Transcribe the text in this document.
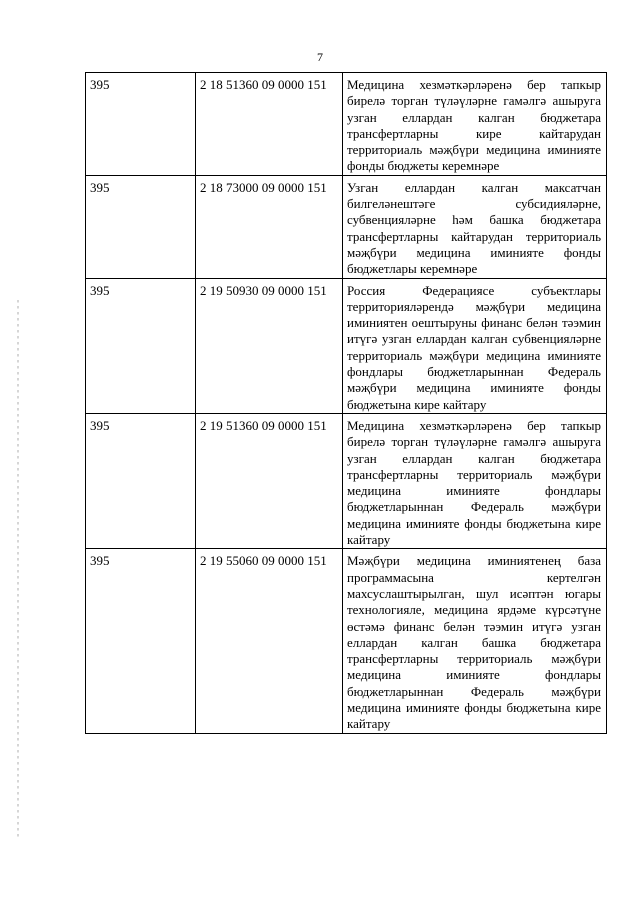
7
395	2 18 51360 09 0000 151	Медицина хезмәткәрләренә бер тапкыр бирелә торган түләүләрне гамәлгә ашыруга узган еллардан калган бюджетара трансфертларны кире кайтарудан территориаль мәҗбүри медицина иминияте фонды бюджеты керемнәре
395	2 18 73000 09 0000 151	Узган еллардан калган максатчан билгеләнештәге субсидияләрне, субвенцияләрне һәм башка бюджетара трансфертларны кайтарудан территориаль мәҗбүри медицина иминияте фонды бюджетлары керемнәре
395	2 19 50930 09 0000 151	Россия Федерациясе субъектлары территорияләрендә мәҗбүри медицина иминиятен оештыруны финанс белән тәэмин итүгә узган еллардан калган субвенцияләрне территориаль мәҗбүри медицина иминияте фондлары бюджетларыннан Федераль мәҗбүри медицина иминияте фонды бюджетына кире кайтару
395	2 19 51360 09 0000 151	Медицина хезмәткәрләренә бер тапкыр бирелә торган түләүләрне гамәлгә ашыруга узган еллардан калган бюджетара трансфертларны территориаль мәҗбүри медицина иминияте фондлары бюджетларыннан Федераль мәҗбүри медицина иминияте фонды бюджетына кире кайтару
395	2 19 55060 09 0000 151	Мәҗбүри медицина иминиятенең база программасына кертелгән махсуслаштырылган, шул исәптән югары технологияле, медицина ярдәме күрсәтүне өстәмә финанс белән тәэмин итүгә узган еллардан калган башка бюджетара трансфертларны территориаль мәҗбүри медицина иминияте фондлары бюджетларыннан Федераль мәҗбүри медицина иминияте фонды бюджетына кире кайтару
